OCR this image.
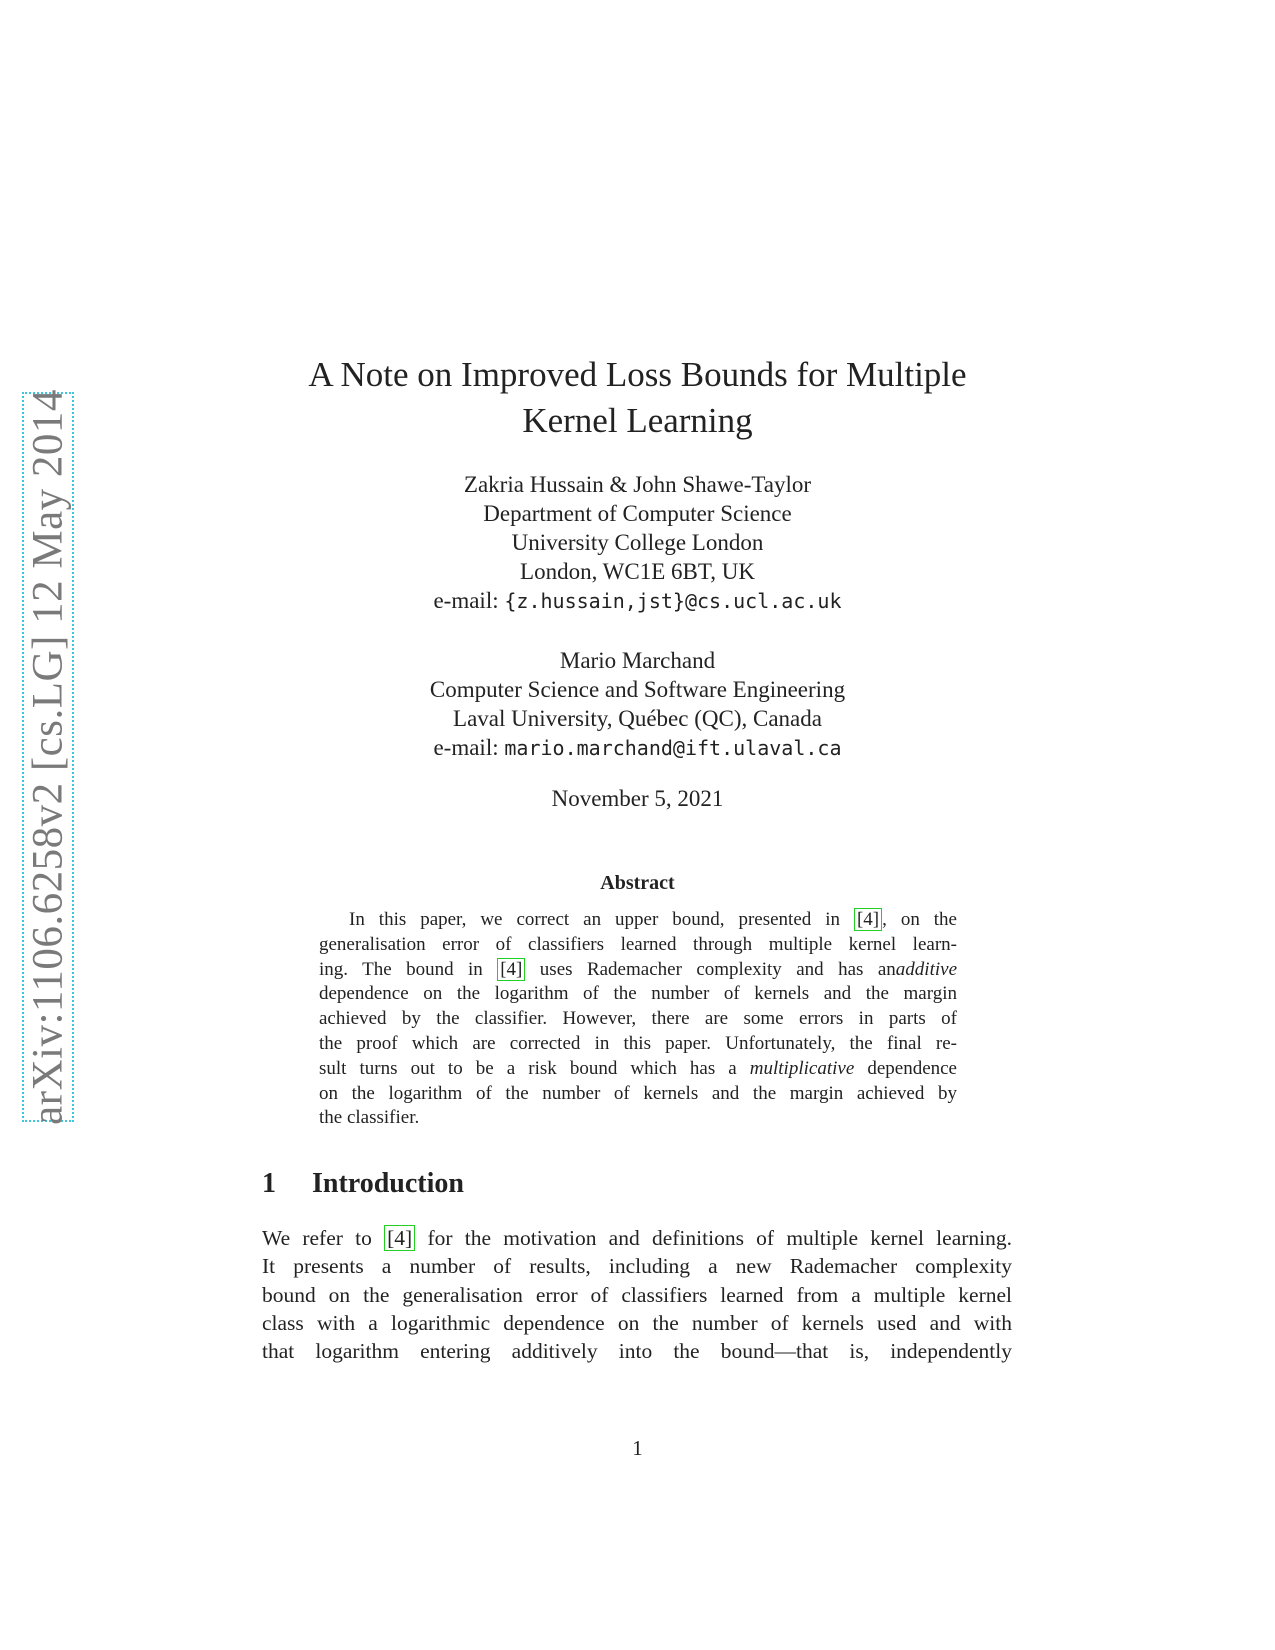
arXiv:1106.6258v2 [cs.LG] 12 May 2014
A Note on Improved Loss Bounds for Multiple
Kernel Learning
Zakria Hussain & John Shawe-Taylor
Department of Computer Science
University College London
London, WC1E 6BT, UK
e-mail: {z.hussain,jst}@cs.ucl.ac.uk
Mario Marchand
Computer Science and Software Engineering
Laval University, Québec (QC), Canada
e-mail: mario.marchand@ift.ulaval.ca
November 5, 2021
Abstract
In this paper, we correct an upper bound, presented in [4] , on the
generalisation error of classifiers learned through multiple kernel learn-
ing. The bound in [4] uses Rademacher complexity and has anadditive
dependence on the logarithm of the number of kernels and the margin
achieved by the classifier. However, there are some errors in parts of
the proof which are corrected in this paper. Unfortunately, the final re-
sult turns out to be a risk bound which has a multiplicative dependence
on the logarithm of the number of kernels and the margin achieved by
the classifier.
1 Introduction
We refer to [4] for the motivation and definitions of multiple kernel learning.
It presents a number of results, including a new Rademacher complexity
bound on the generalisation error of classifiers learned from a multiple kernel
class with a logarithmic dependence on the number of kernels used and with
that logarithm entering additively into the bound—that is, independently
1
